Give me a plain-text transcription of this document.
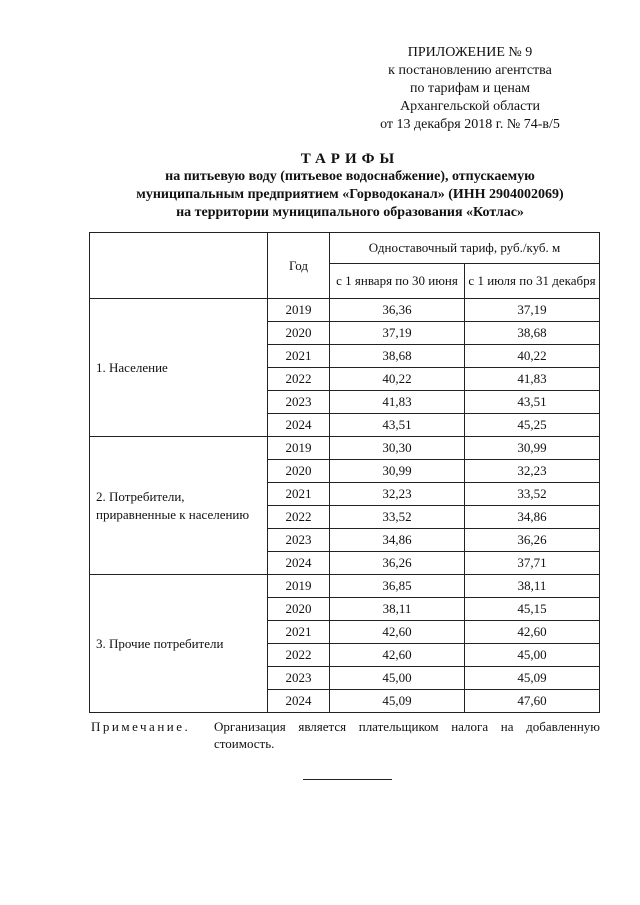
ПРИЛОЖЕНИЕ № 9
к постановлению агентства
по тарифам и ценам
Архангельской области
от 13 декабря 2018 г. № 74-в/5
ТАРИФЫ
на питьевую воду (питьевое водоснабжение), отпускаемую
муниципальным предприятием «Горводоканал» (ИНН 2904002069)
на территории муниципального образования «Котлас»
	Год	Одноставочный тариф, руб./куб. м	
		с 1 января по 30 июня	с 1 июля по 31 декабря
1. Население	2019	36,36	37,19
	2020	37,19	38,68
	2021	38,68	40,22
	2022	40,22	41,83
	2023	41,83	43,51
	2024	43,51	45,25
2. Потребители, приравненные к населению	2019	30,30	30,99
	2020	30,99	32,23
	2021	32,23	33,52
	2022	33,52	34,86
	2023	34,86	36,26
	2024	36,26	37,71
3. Прочие потребители	2019	36,85	38,11
	2020	38,11	45,15
	2021	42,60	42,60
	2022	42,60	45,00
	2023	45,00	45,09
	2024	45,09	47,60
Примечание. Организация является плательщиком налога на добавленную стоимость.
